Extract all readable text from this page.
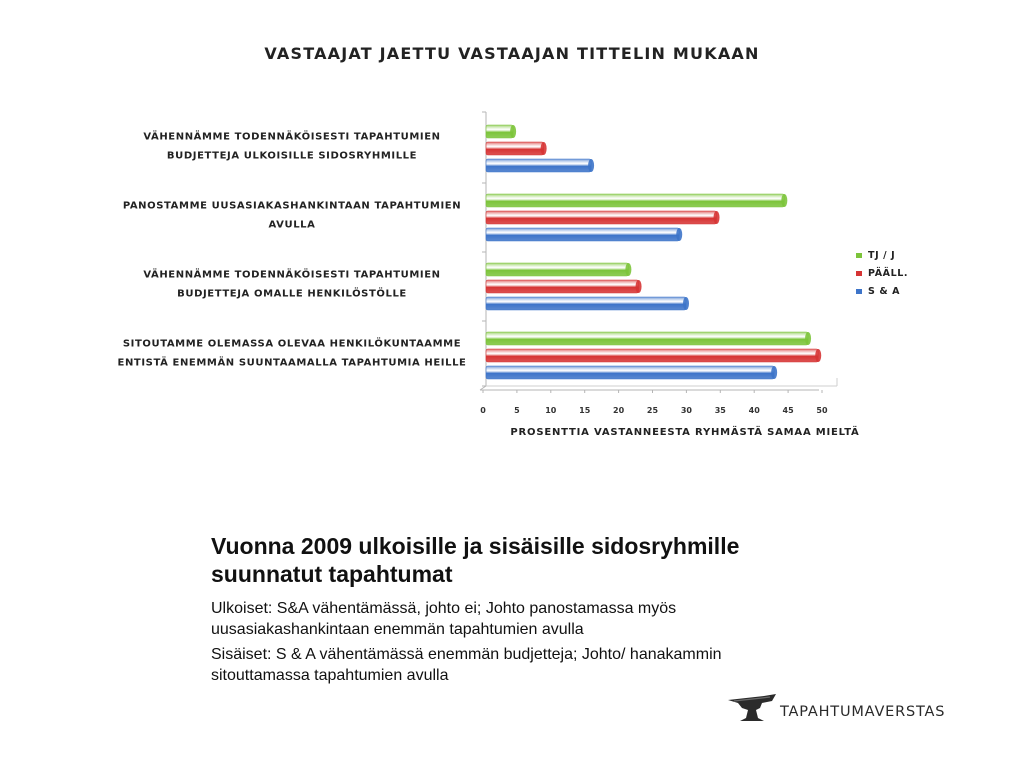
VASTAAJAT JAETTU VASTAAJAN TITTELIN MUKAAN
VÄHENNÄMME TODENNÄKÖISESTI TAPAHTUMIEN
BUDJETTEJA ULKOISILLE SIDOSRYHMILLE
PANOSTAMME UUSASIAKASHANKINTAAN TAPAHTUMIEN
AVULLA
VÄHENNÄMME TODENNÄKÖISESTI TAPAHTUMIEN
BUDJETTEJA OMALLE HENKILÖSTÖLLE
SITOUTAMME OLEMASSA OLEVAA HENKILÖKUNTAAMME
ENTISTÄ ENEMMÄN SUUNTAAMALLA TAPAHTUMIA HEILLE
0	5	10	15	20	25	30	35	40	45	50
PROSENTTIA VASTANNEESTA RYHMÄSTÄ SAMAA MIELTÄ
TJ / J
PÄÄLL.
S & A
Vuonna 2009 ulkoisille ja sisäisille sidosryhmille suunnatut tapahtumat
Ulkoiset: S&A vähentämässä, johto ei; Johto panostamassa myös uusasiakashankintaan enemmän tapahtumien avulla
Sisäiset: S & A vähentämässä enemmän budjetteja; Johto/ hanakammin sitouttamassa tapahtumien avulla
TAPAHTUMAVERSTAS
